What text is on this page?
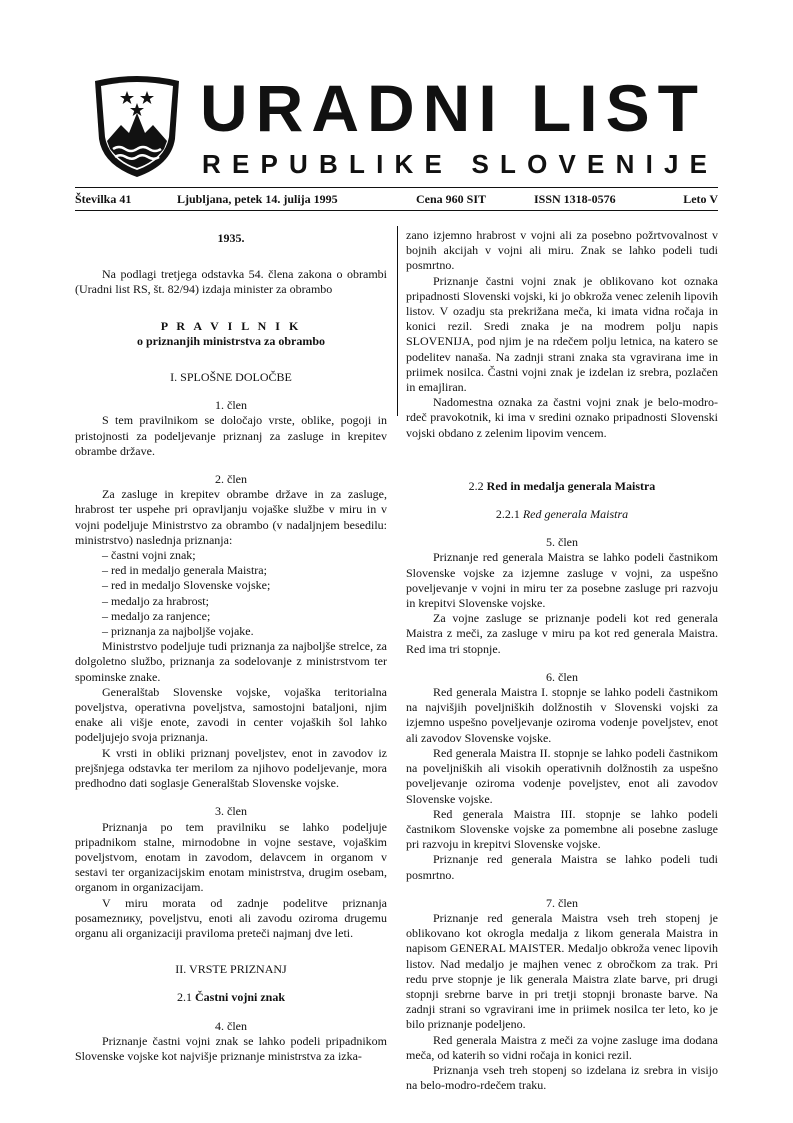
URADNI LIST
REPUBLIKE SLOVENIJE
Številka 41	Ljubljana, petek 14. julija 1995	Cena 960 SIT	ISSN 1318-0576	Leto V

1935.

Na podlagi tretjega odstavka 54. člena zakona o obrambi (Uradni list RS, št. 82/94) izdaja minister za obrambo

P R A V I L N I K

o priznanjih ministrstva za obrambo

I. SPLOŠNE DOLOČBE

1. člen

S tem pravilnikom se določajo vrste, oblike, pogoji in pristojnosti za podeljevanje priznanj za zasluge in krepitev obrambe države.

2. člen

Za zasluge in krepitev obrambe države in za zasluge, hrabrost ter uspehe pri opravljanju vojaške službe v miru in v vojni podeljuje Ministrstvo za obrambo (v nadaljnjem besedilu: ministrstvo) naslednja priznanja:

– častni vojni znak;

– red in medaljo generala Maistra;

– red in medaljo Slovenske vojske;

– medaljo za hrabrost;

– medaljo za ranjence;

– priznanja za najboljše vojake.

Ministrstvo podeljuje tudi priznanja za najboljše strelce, za dolgoletno službo, priznanja za sodelovanje z ministrstvom ter spominske znake.

Generalštab Slovenske vojske, vojaška teritorialna poveljstva, operativna poveljstva, samostojni bataljoni, njim enake ali višje enote, zavodi in center vojaških šol lahko podeljujejo svoja priznanja.

K vrsti in obliki priznanj poveljstev, enot in zavodov iz prejšnjega odstavka ter merilom za njihovo podeljevanje, mora predhodno dati soglasje Generalštab Slovenske vojske.

3. člen

Priznanja po tem pravilniku se lahko podeljuje pripadnikom stalne, mirnodobne in vojne sestave, vojaškim poveljstvom, enotam in zavodom, delavcem in organom v sestavi ter organizacijskim enotam ministrstva, drugim osebam, organom in organizacijam.

V miru morata od zadnje podelitve priznanja posameznику, poveljstvu, enoti ali zavodu oziroma drugemu organu ali organizaciji praviloma preteči najmanj dve leti.

II. VRSTE PRIZNANJ

2.1 Častni vojni znak

4. člen

Priznanje častni vojni znak se lahko podeli pripadnikom Slovenske vojske kot najvišje priznanje ministrstva za izka-

zano izjemno hrabrost v vojni ali za posebno požrtvovalnost v bojnih akcijah v vojni ali miru. Znak se lahko podeli tudi posmrtno.

Priznanje častni vojni znak je oblikovano kot oznaka pripadnosti Slovenski vojski, ki jo obkroža venec zelenih lipovih listov. V ozadju sta prekrižana meča, ki imata vidna ročaja in konici rezil. Sredi znaka je na modrem polju napis SLOVENIJA, pod njim je na rdečem polju letnica, na katero se podelitev nanaša. Na zadnji strani znaka sta vgravirana ime in priimek nosilca. Častni vojni znak je izdelan iz srebra, pozlačen in emajliran.

Nadomestna oznaka za častni vojni znak je belo-modro-rdeč pravokotnik, ki ima v sredini oznako pripadnosti Slovenski vojski obdano z zelenim lipovim vencem.

2.2 Red in medalja generala Maistra

2.2.1 Red generala Maistra

5. člen

Priznanje red generala Maistra se lahko podeli častnikom Slovenske vojske za izjemne zasluge v vojni, za uspešno poveljevanje v vojni in miru ter za posebne zasluge pri razvoju in krepitvi Slovenske vojske.

Za vojne zasluge se priznanje podeli kot red generala Maistra z meči, za zasluge v miru pa kot red generala Maistra. Red ima tri stopnje.

6. člen

Red generala Maistra I. stopnje se lahko podeli častnikom na najvišjih poveljniških dolžnostih v Slovenski vojski za izjemno uspešno poveljevanje oziroma vodenje poveljstev, enot ali zavodov Slovenske vojske.

Red generala Maistra II. stopnje se lahko podeli častnikom na poveljniških ali visokih operativnih dolžnostih za uspešno poveljevanje oziroma vodenje poveljstev, enot ali zavodov Slovenske vojske.

Red generala Maistra III. stopnje se lahko podeli častnikom Slovenske vojske za pomembne ali posebne zasluge pri razvoju in krepitvi Slovenske vojske.

Priznanje red generala Maistra se lahko podeli tudi posmrtno.

7. člen

Priznanje red generala Maistra vseh treh stopenj je oblikovano kot okrogla medalja z likom generala Maistra in napisom GENERAL MAISTER. Medaljo obkroža venec lipovih listov. Nad medaljo je majhen venec z obročkom za trak. Pri redu prve stopnje je lik generala Maistra zlate barve, pri drugi stopnji srebrne barve in pri tretji stopnji bronaste barve. Na zadnji strani so vgravirani ime in priimek nosilca ter leto, ko je bilo priznanje podeljeno.

Red generala Maistra z meči za vojne zasluge ima dodana meča, od katerih so vidni ročaja in konici rezil.

Priznanja vseh treh stopenj so izdelana iz srebra in visijo na belo-modro-rdečem traku.
